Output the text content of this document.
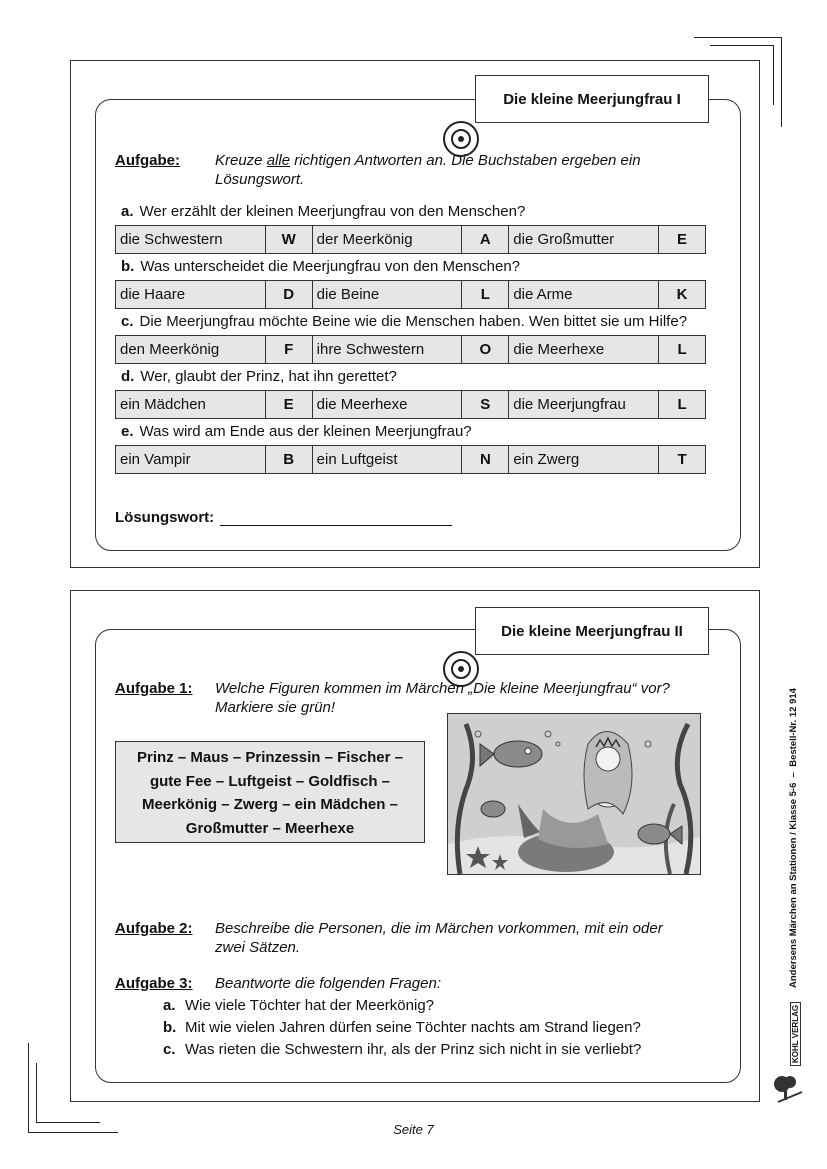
Die kleine Meerjungfrau I
Aufgabe:	Kreuze alle richtigen Antworten an. Die Buchstaben ergeben ein
Lösungswort.
a. Wer erzählt der kleinen Meerjungfrau von den Menschen?
die Schwestern	W	der Meerkönig	A	die Großmutter	E
b. Was unterscheidet die Meerjungfrau von den Menschen?
die Haare	D	die Beine	L	die Arme	K
c. Die Meerjungfrau möchte Beine wie die Menschen haben. Wen bittet sie um Hilfe?
den Meerkönig	F	ihre Schwestern	O	die Meerhexe	L
d. Wer, glaubt der Prinz, hat ihn gerettet?
ein Mädchen	E	die Meerhexe	S	die Meerjungfrau	L
e. Was wird am Ende aus der kleinen Meerjungfrau?
ein Vampir	B	ein Luftgeist	N	ein Zwerg	T
Lösungswort:
Die kleine Meerjungfrau II
Aufgabe 1:	Welche Figuren kommen im Märchen „Die kleine Meerjungfrau“ vor?
Markiere sie grün!
Prinz – Maus – Prinzessin – Fischer –
gute Fee – Luftgeist – Goldfisch –
Meerkönig – Zwerg – ein Mädchen –
Großmutter – Meerhexe
Aufgabe 2:	Beschreibe die Personen, die im Märchen vorkommen, mit ein oder
zwei Sätzen.
Aufgabe 3:	Beantworte die folgenden Fragen:
a. Wie viele Töchter hat der Meerkönig?
b. Mit wie vielen Jahren dürfen seine Töchter nachts am Strand liegen?
c. Was rieten die Schwestern ihr, als der Prinz sich nicht in sie verliebt?
Andersens Märchen an Stationen / Klasse 5-6  –  Bestell-Nr. 12 914
KOHL VERLAG
Seite 7
